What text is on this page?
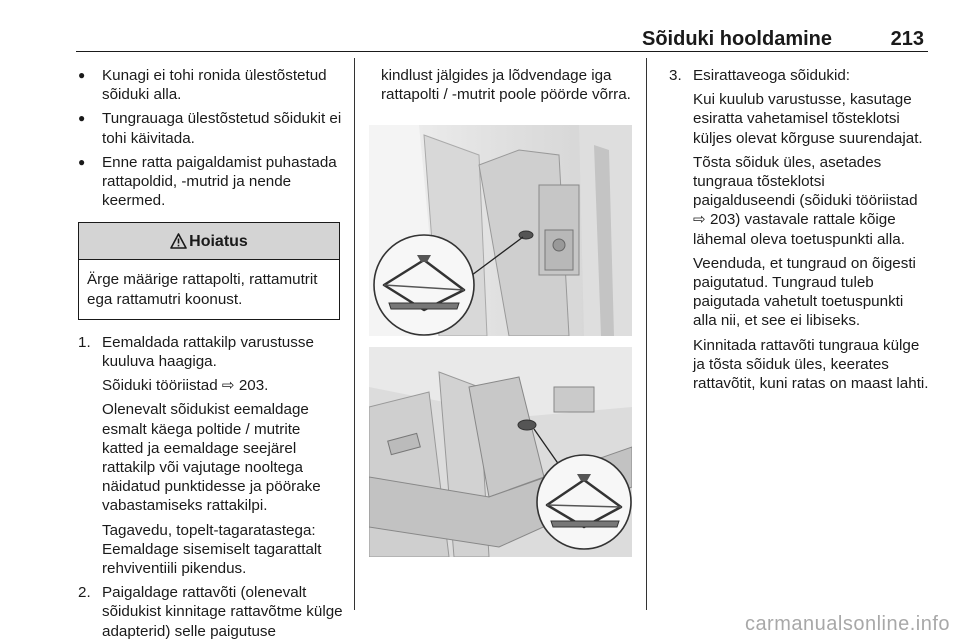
Sõiduki hooldamine	213
● Kunagi ei tohi ronida ülestõstetud sõiduki alla.
● Tungrauaga ülestõstetud sõidukit ei tohi käivitada.
● Enne ratta paigaldamist puhastada rattapoldid, -mutrid ja nende keermed.
Hoiatus
Ärge määrige rattapolti, rattamutrit ega rattamutri koonust.
1. Eemaldada rattakilp varustusse kuuluva haagiga.

Sõiduki tööriistad ⇨ 203.

Olenevalt sõidukist eemaldage esmalt käega poltide / mutrite katted ja eemaldage seejärel rattakilp või vajutage nooltega näidatud punktidesse ja pöörake vabastamiseks rattakilpi.

Tagavedu, topelt-tagaratastega: Eemaldage sisemiselt tagarattalt rehviventiili pikendus.

2. Paigaldage rattavõti (olenevalt sõidukist kinnitage rattavõtme külge adapterid) selle paigutuse

kindlust jälgides ja lõdvendage iga rattapolti / -mutrit poole pöörde võrra.

3. Esirattaveoga sõidukid:

Kui kuulub varustusse, kasutage esiratta vahetamisel tõsteklotsi küljes olevat kõrguse suurendajat.

Tõsta sõiduk üles, asetades tungraua tõsteklotsi paigalduseendi (sõiduki tööriistad ⇨ 203) vastavale rattale kõige lähemal oleva toetuspunkti alla.

Veenduda, et tungraud on õigesti paigutatud. Tungraud tuleb paigutada vahetult toetuspunkti alla nii, et see ei libiseks.

Kinnitada rattavõti tungraua külge ja tõsta sõiduk üles, keerates rattavõtit, kuni ratas on maast lahti.

carmanualsonline.info
